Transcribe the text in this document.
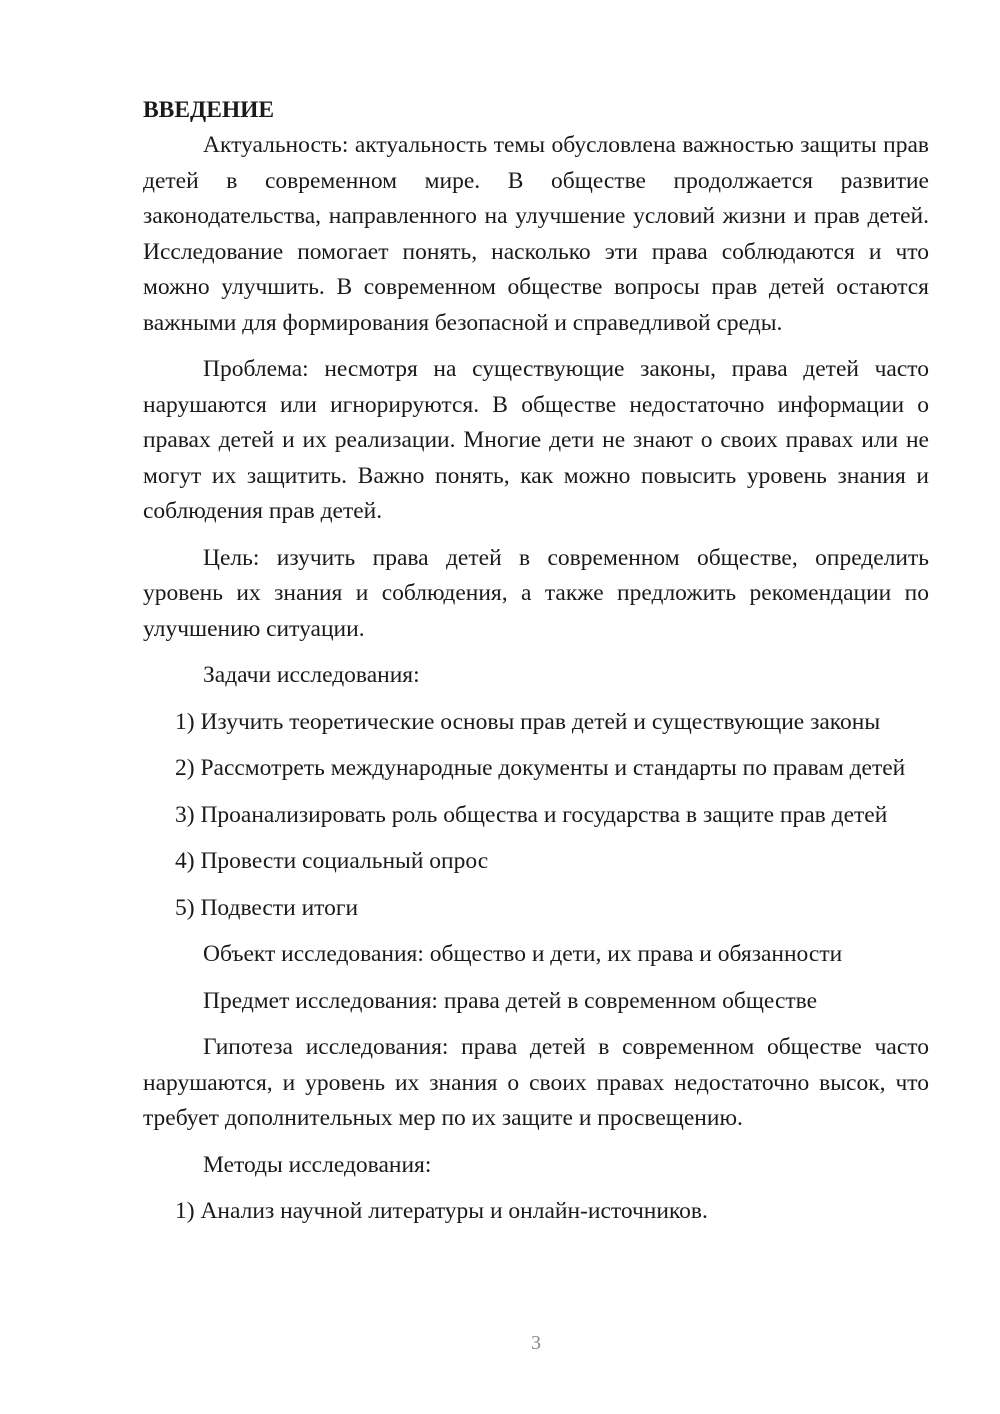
ВВЕДЕНИЕ

Актуальность: актуальность темы обусловлена важностью защиты прав детей в современном мире. В обществе продолжается развитие законодательства, направленного на улучшение условий жизни и прав детей. Исследование помогает понять, насколько эти права соблюдаются и что можно улучшить. В современном обществе вопросы прав детей остаются важными для формирования безопасной и справедливой среды.

Проблема: несмотря на существующие законы, права детей часто нарушаются или игнорируются. В обществе недостаточно информации о правах детей и их реализации. Многие дети не знают о своих правах или не могут их защитить. Важно понять, как можно повысить уровень знания и соблюдения прав детей.

Цель: изучить права детей в современном обществе, определить уровень их знания и соблюдения, а также предложить рекомендации по улучшению ситуации.

Задачи исследования:

1) Изучить теоретические основы прав детей и существующие законы

2) Рассмотреть международные документы и стандарты по правам детей

3) Проанализировать роль общества и государства в защите прав детей

4) Провести социальный опрос

5) Подвести итоги

Объект исследования: общество и дети, их права и обязанности

Предмет исследования: права детей в современном обществе

Гипотеза исследования: права детей в современном обществе часто нарушаются, и уровень их знания о своих правах недостаточно высок, что требует дополнительных мер по их защите и просвещению.

Методы исследования:

1) Анализ научной литературы и онлайн-источников.

3
